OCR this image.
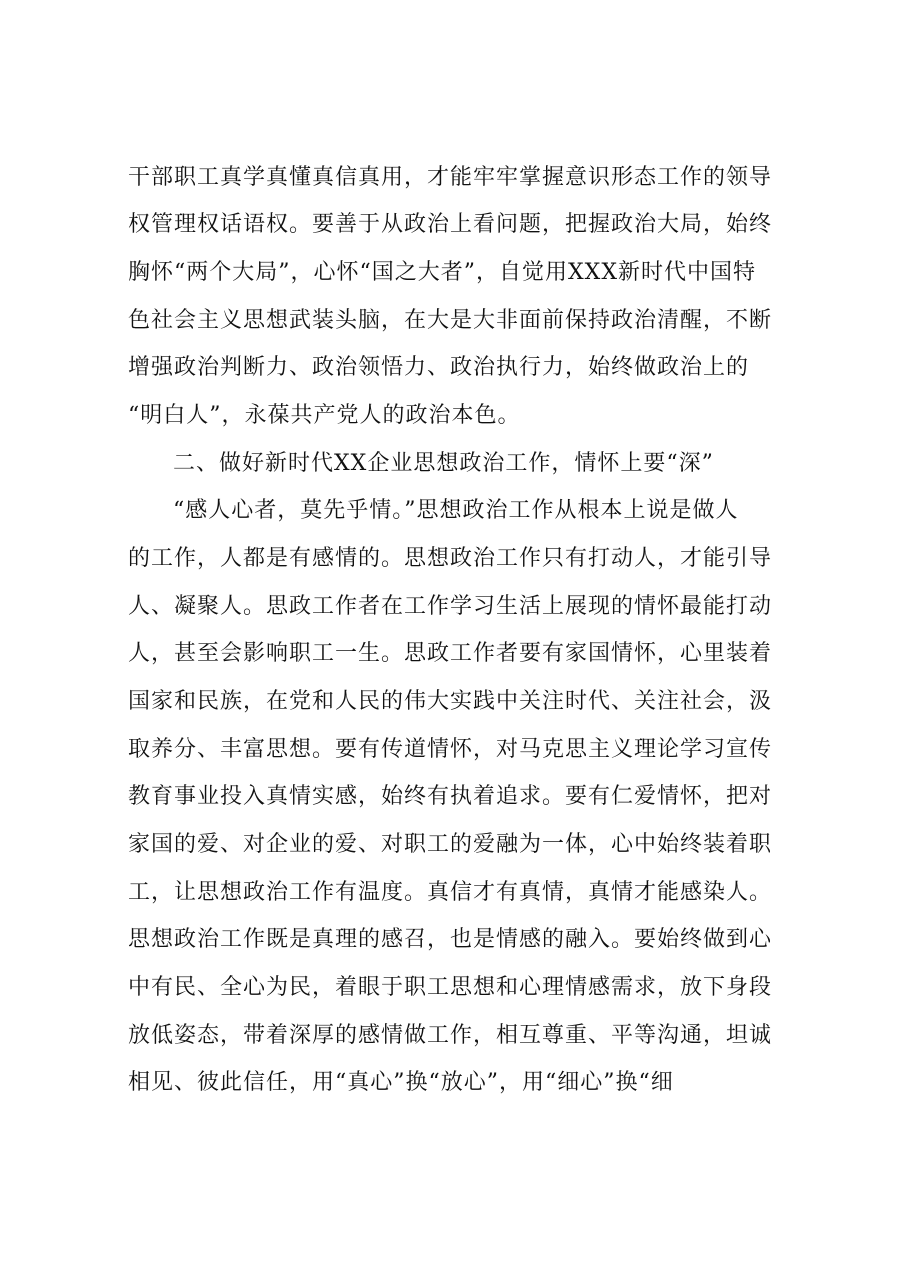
干部职工真学真懂真信真用，才能牢牢掌握意识形态工作的领导
权管理权话语权。要善于从政治上看问题，把握政治大局，始终
胸怀“两个大局”，心怀“国之大者”，自觉用XXX新时代中国特
色社会主义思想武装头脑，在大是大非面前保持政治清醒，不断
增强政治判断力、政治领悟力、政治执行力，始终做政治上的
“明白人”，永葆共产党人的政治本色。
二、做好新时代XX企业思想政治工作，情怀上要“深”
“感人心者，莫先乎情。”思想政治工作从根本上说是做人
的工作，人都是有感情的。思想政治工作只有打动人，才能引导
人、凝聚人。思政工作者在工作学习生活上展现的情怀最能打动
人，甚至会影响职工一生。思政工作者要有家国情怀，心里装着
国家和民族，在党和人民的伟大实践中关注时代、关注社会，汲
取养分、丰富思想。要有传道情怀，对马克思主义理论学习宣传
教育事业投入真情实感，始终有执着追求。要有仁爱情怀，把对
家国的爱、对企业的爱、对职工的爱融为一体，心中始终装着职
工，让思想政治工作有温度。真信才有真情，真情才能感染人。
思想政治工作既是真理的感召，也是情感的融入。要始终做到心
中有民、全心为民，着眼于职工思想和心理情感需求，放下身段
放低姿态，带着深厚的感情做工作，相互尊重、平等沟通，坦诚
相见、彼此信任，用“真心”换“放心”，用“细心”换“细
